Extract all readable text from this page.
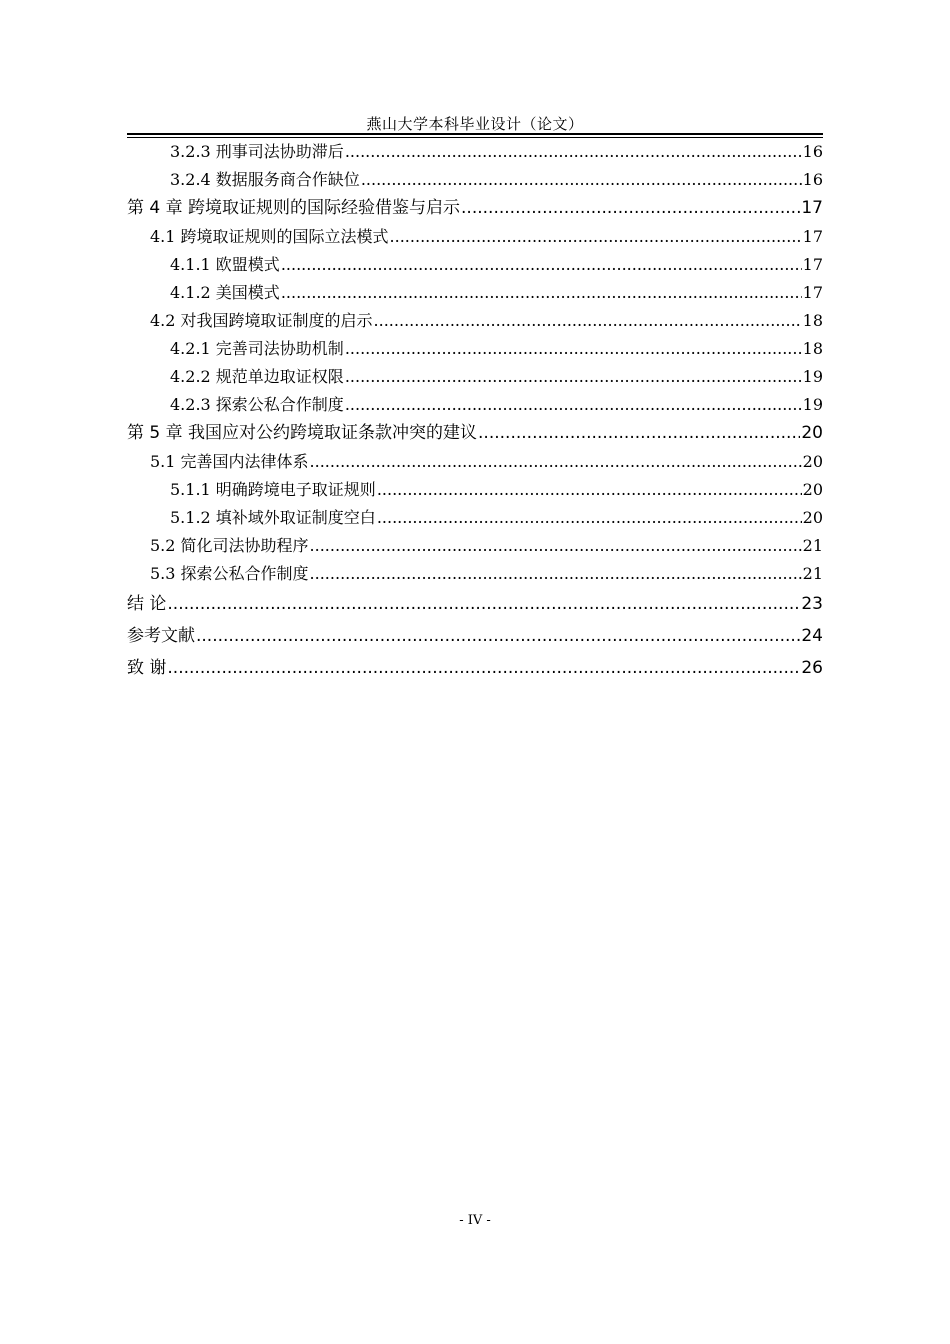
燕山大学本科毕业设计（论文）
3.2.3 刑事司法协助滞后 .....	16
3.2.4 数据服务商合作缺位 .....	16
第 4 章 跨境取证规则的国际经验借鉴与启示 .....	17
4.1 跨境取证规则的国际立法模式 .....	17
4.1.1 欧盟模式 .....	17
4.1.2 美国模式 .....	17
4.2 对我国跨境取证制度的启示 .....	18
4.2.1 完善司法协助机制 .....	18
4.2.2 规范单边取证权限 .....	19
4.2.3 探索公私合作制度 .....	19
第 5 章 我国应对公约跨境取证条款冲突的建议 .....	20
5.1 完善国内法律体系 .....	20
5.1.1 明确跨境电子取证规则 .....	20
5.1.2 填补域外取证制度空白 .....	20
5.2 简化司法协助程序 .....	21
5.3 探索公私合作制度 .....	21
结 论 .....	23
参考文献 .....	24
致 谢 .....	26
- IV -
